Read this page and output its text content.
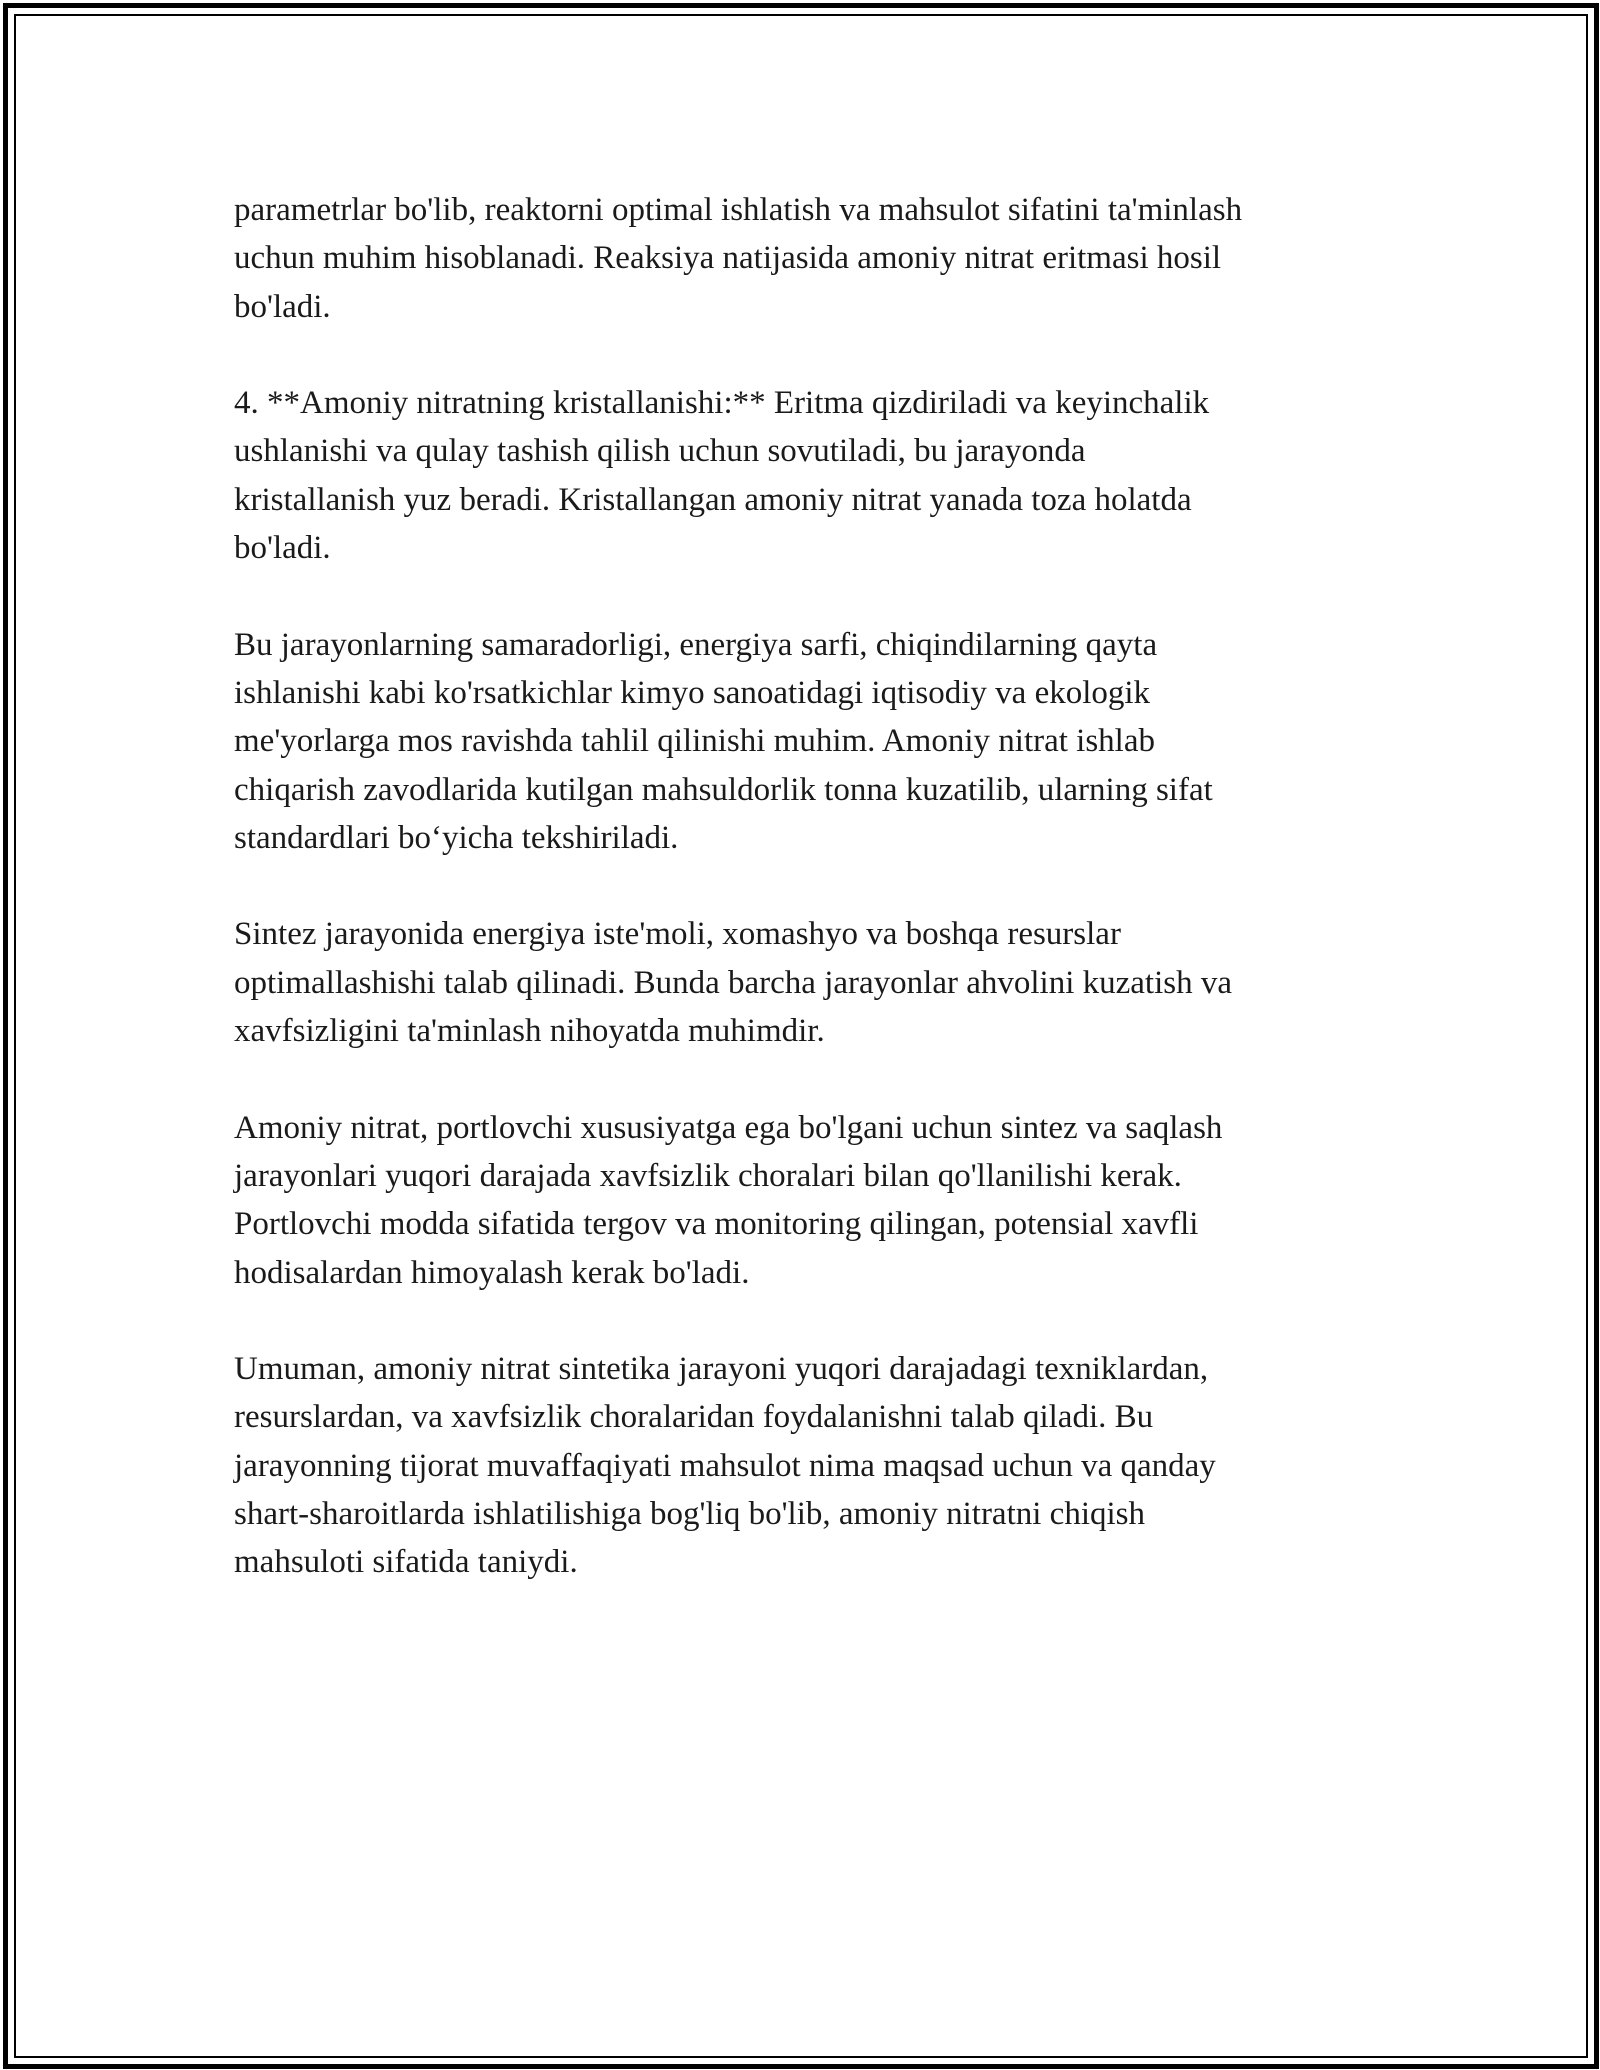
parametrlar bo'lib, reaktorni optimal ishlatish va mahsulot sifatini ta'minlash
uchun muhim hisoblanadi. Reaksiya natijasida amoniy nitrat eritmasi hosil
bo'ladi.

4. **Amoniy nitratning kristallanishi:** Eritma qizdiriladi va keyinchalik
ushlanishi va qulay tashish qilish uchun sovutiladi, bu jarayonda
kristallanish yuz beradi. Kristallangan amoniy nitrat yanada toza holatda
bo'ladi.

Bu jarayonlarning samaradorligi, energiya sarfi, chiqindilarning qayta
ishlanishi kabi ko'rsatkichlar kimyo sanoatidagi iqtisodiy va ekologik
me'yorlarga mos ravishda tahlil qilinishi muhim. Amoniy nitrat ishlab
chiqarish zavodlarida kutilgan mahsuldorlik tonna kuzatilib, ularning sifat
standardlari bo‘yicha tekshiriladi.

Sintez jarayonida energiya iste'moli, xomashyo va boshqa resurslar
optimallashishi talab qilinadi. Bunda barcha jarayonlar ahvolini kuzatish va
xavfsizligini ta'minlash nihoyatda muhimdir.

Amoniy nitrat, portlovchi xususiyatga ega bo'lgani uchun sintez va saqlash
jarayonlari yuqori darajada xavfsizlik choralari bilan qo'llanilishi kerak.
Portlovchi modda sifatida tergov va monitoring qilingan, potensial xavfli
hodisalardan himoyalash kerak bo'ladi.

Umuman, amoniy nitrat sintetika jarayoni yuqori darajadagi texniklardan,
resurslardan, va xavfsizlik choralaridan foydalanishni talab qiladi. Bu
jarayonning tijorat muvaffaqiyati mahsulot nima maqsad uchun va qanday
shart-sharoitlarda ishlatilishiga bog'liq bo'lib, amoniy nitratni chiqish
mahsuloti sifatida taniydi.
